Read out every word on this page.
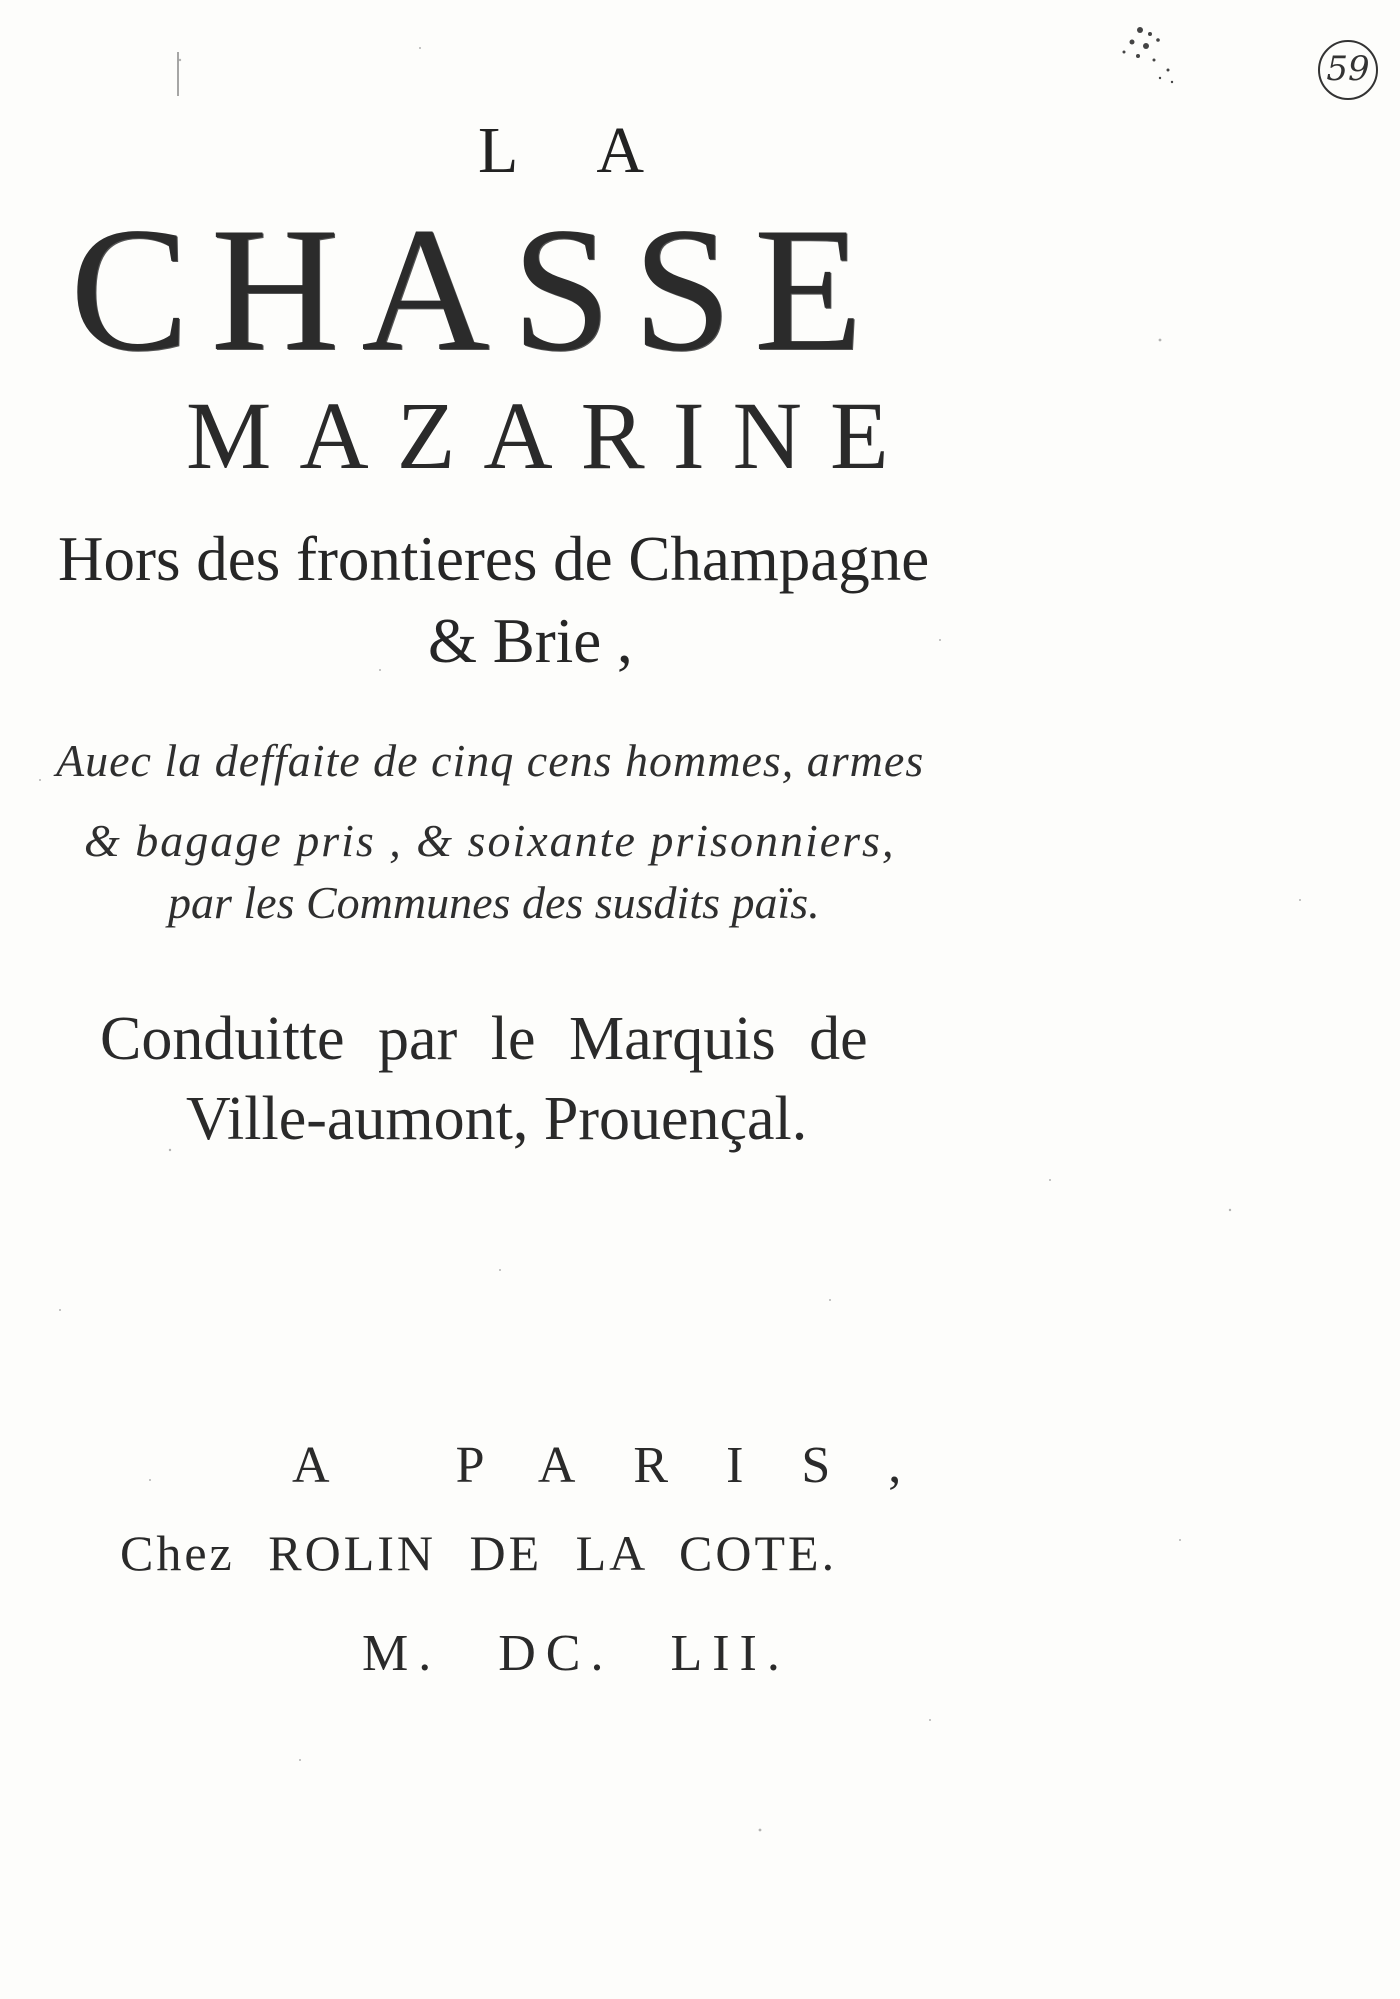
59
LA
CHASSE
MAZARINE
Hors des frontieres de Champagne
& Brie ,
Auec la deffaite de cinq cens hommes, armes
& bagage pris , & soixante prisonniers,
par les Communes des susdits païs.
Conduitte par le Marquis de
Ville-aumont, Prouençal.
A PARIS,
Chez ROLIN DE LA COTE.
M. DC. LII.
